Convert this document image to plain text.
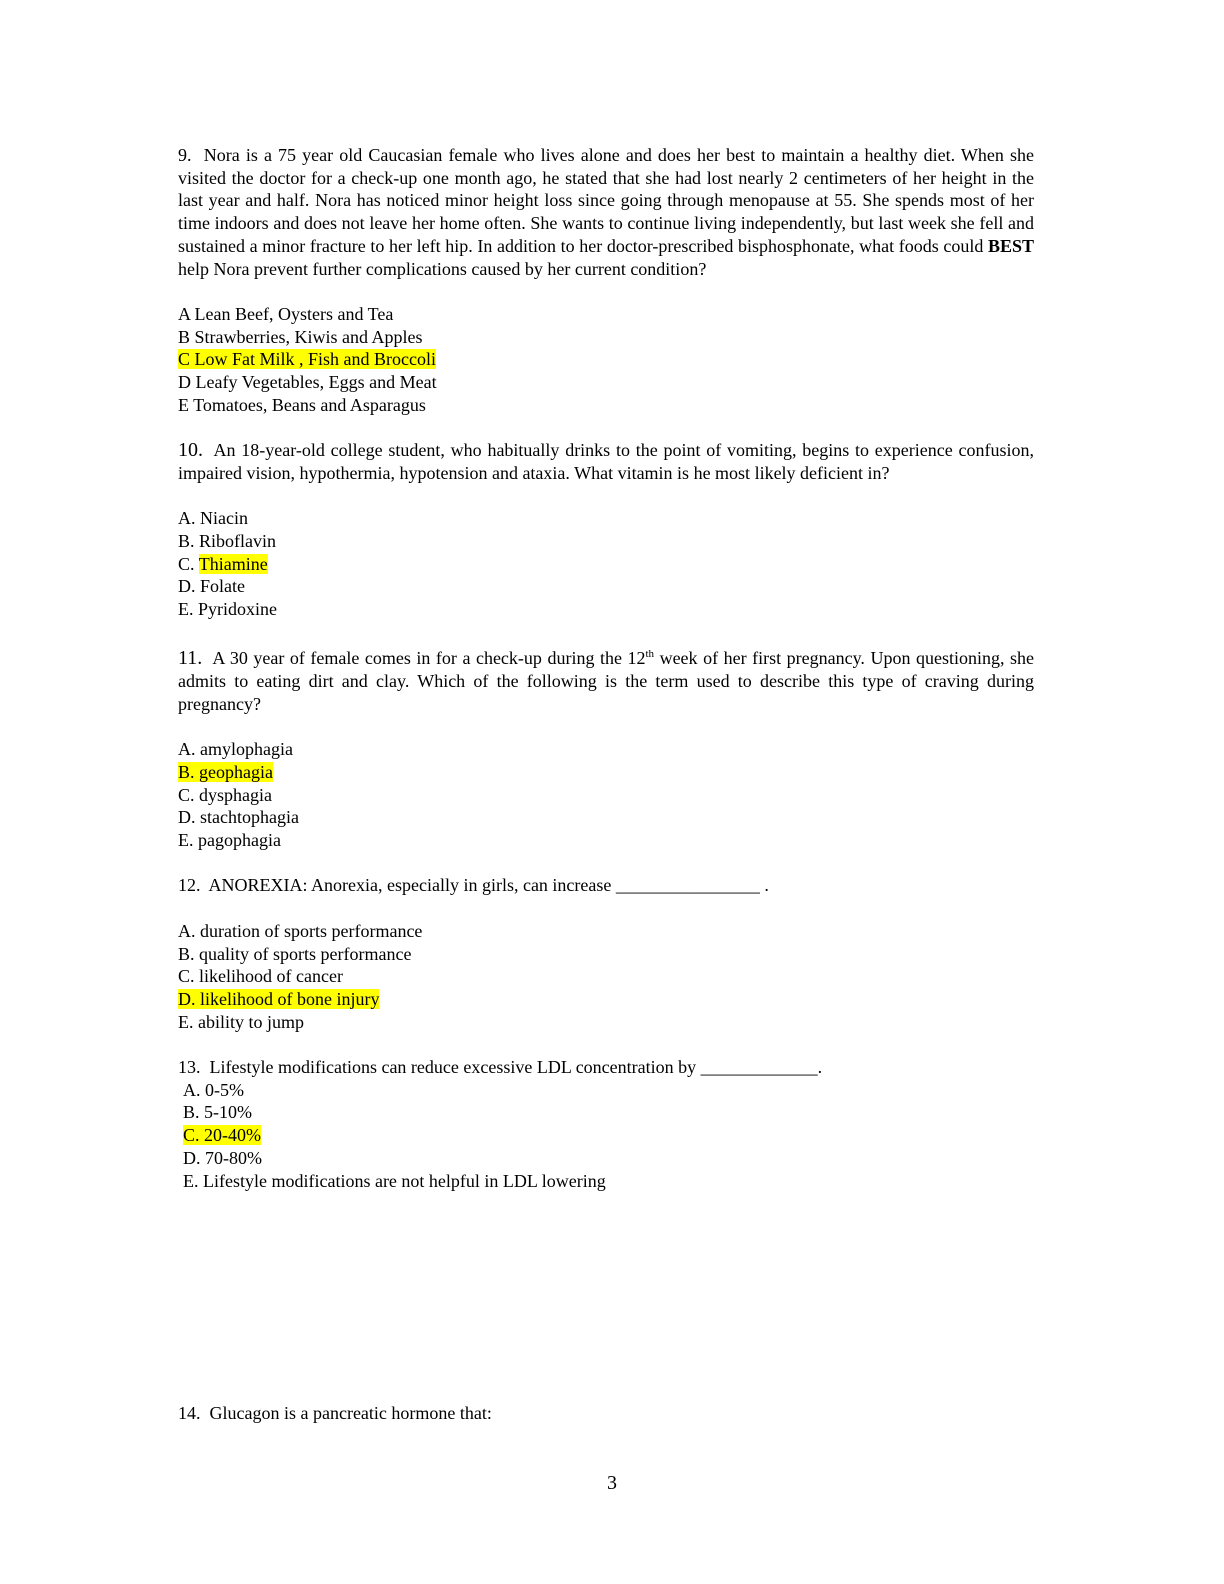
9. Nora is a 75 year old Caucasian female who lives alone and does her best to maintain a healthy diet. When she visited the doctor for a check-up one month ago, he stated that she had lost nearly 2 centimeters of her height in the last year and half. Nora has noticed minor height loss since going through menopause at 55. She spends most of her time indoors and does not leave her home often. She wants to continue living independently, but last week she fell and sustained a minor fracture to her left hip. In addition to her doctor-prescribed bisphosphonate, what foods could BEST help Nora prevent further complications caused by her current condition?

A Lean Beef, Oysters and Tea
B Strawberries, Kiwis and Apples
C Low Fat Milk , Fish and Broccoli
D Leafy Vegetables, Eggs and Meat
E Tomatoes, Beans and Asparagus

10. An 18-year-old college student, who habitually drinks to the point of vomiting, begins to experience confusion, impaired vision, hypothermia, hypotension and ataxia. What vitamin is he most likely deficient in?

A. Niacin
B. Riboflavin
C. Thiamine
D. Folate
E. Pyridoxine

11. A 30 year of female comes in for a check-up during the 12th week of her first pregnancy. Upon questioning, she admits to eating dirt and clay. Which of the following is the term used to describe this type of craving during pregnancy?

A. amylophagia
B. geophagia
C. dysphagia
D. stachtophagia
E. pagophagia

12. ANOREXIA: Anorexia, especially in girls, can increase ________________ .

A. duration of sports performance
B. quality of sports performance
C. likelihood of cancer
D. likelihood of bone injury
E. ability to jump

13. Lifestyle modifications can reduce excessive LDL concentration by _____________.

A. 0-5%
B. 5-10%
C. 20-40%
D. 70-80%
E. Lifestyle modifications are not helpful in LDL lowering

14. Glucagon is a pancreatic hormone that:

3
